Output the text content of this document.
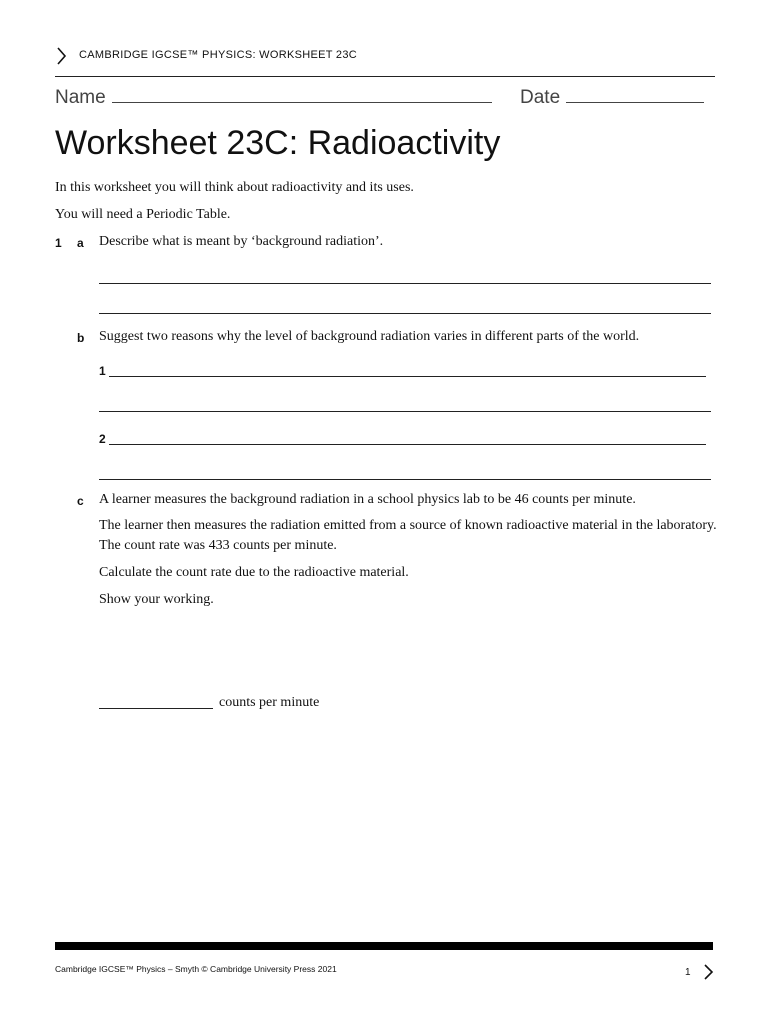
CAMBRIDGE IGCSE™ PHYSICS: WORKSHEET 23C
Name	Date
Worksheet 23C: Radioactivity
In this worksheet you will think about radioactivity and its uses.
You will need a Periodic Table.
1 a Describe what is meant by ‘background radiation’.
b Suggest two reasons why the level of background radiation varies in different parts of the world.
1
2
c A learner measures the background radiation in a school physics lab to be 46 counts per minute.
The learner then measures the radiation emitted from a source of known radioactive material in the laboratory. The count rate was 433 counts per minute.
Calculate the count rate due to the radioactive material.
Show your working.
counts per minute
Cambridge IGCSE™ Physics – Smyth © Cambridge University Press 2021	1
